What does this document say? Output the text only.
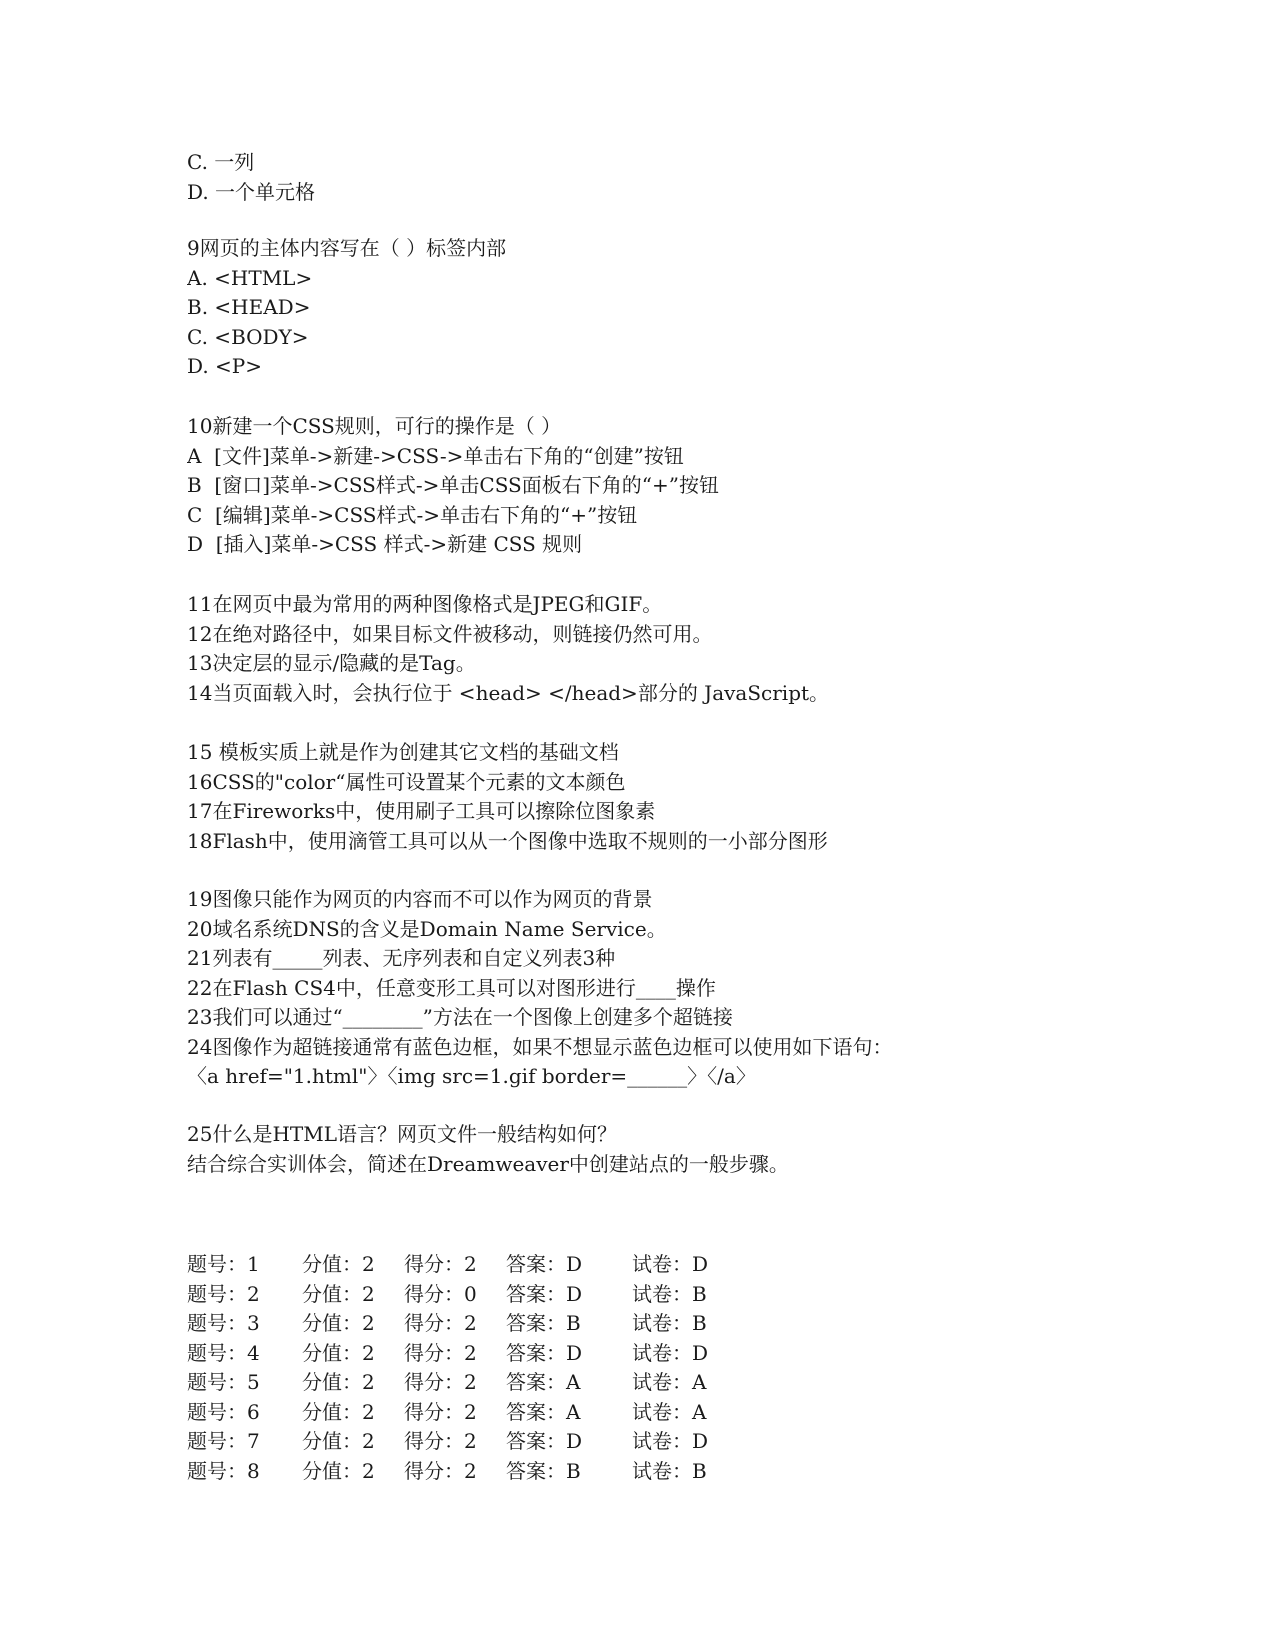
C. 一列
D. 一个单元格
9网页的主体内容写在（ ）标签内部
A. <HTML>
B. <HEAD>
C. <BODY>
D. <P>
10新建一个CSS规则，可行的操作是（ ）
A  [文件]菜单->新建->CSS->单击右下角的“创建”按钮
B  [窗口]菜单->CSS样式->单击CSS面板右下角的“+”按钮
C  [编辑]菜单->CSS样式->单击右下角的“+”按钮
D  [插入]菜单->CSS 样式->新建 CSS 规则
11在网页中最为常用的两种图像格式是JPEG和GIF。
12在绝对路径中，如果目标文件被移动，则链接仍然可用。
13决定层的显示/隐藏的是Tag。
14当页面载入时，会执行位于 <head> </head>部分的 JavaScript。
15 模板实质上就是作为创建其它文档的基础文档
16CSS的"color“属性可设置某个元素的文本颜色
17在Fireworks中，使用刷子工具可以擦除位图象素
18Flash中，使用滴管工具可以从一个图像中选取不规则的一小部分图形
19图像只能作为网页的内容而不可以作为网页的背景
20域名系统DNS的含义是Domain Name Service。
21列表有_____列表、无序列表和自定义列表3种
22在Flash CS4中，任意变形工具可以对图形进行____操作
23我们可以通过“________”方法在一个图像上创建多个超链接
24图像作为超链接通常有蓝色边框，如果不想显示蓝色边框可以使用如下语句：
〈a href="1.html"〉〈img src=1.gif border=______〉〈/a〉
25什么是HTML语言？网页文件一般结构如何？
结合综合实训体会，简述在Dreamweaver中创建站点的一般步骤。
题号：1	分值：2	得分：2	答案：D	试卷：D
题号：2	分值：2	得分：0	答案：D	试卷：B
题号：3	分值：2	得分：2	答案：B	试卷：B
题号：4	分值：2	得分：2	答案：D	试卷：D
题号：5	分值：2	得分：2	答案：A	试卷：A
题号：6	分值：2	得分：2	答案：A	试卷：A
题号：7	分值：2	得分：2	答案：D	试卷：D
题号：8	分值：2	得分：2	答案：B	试卷：B
